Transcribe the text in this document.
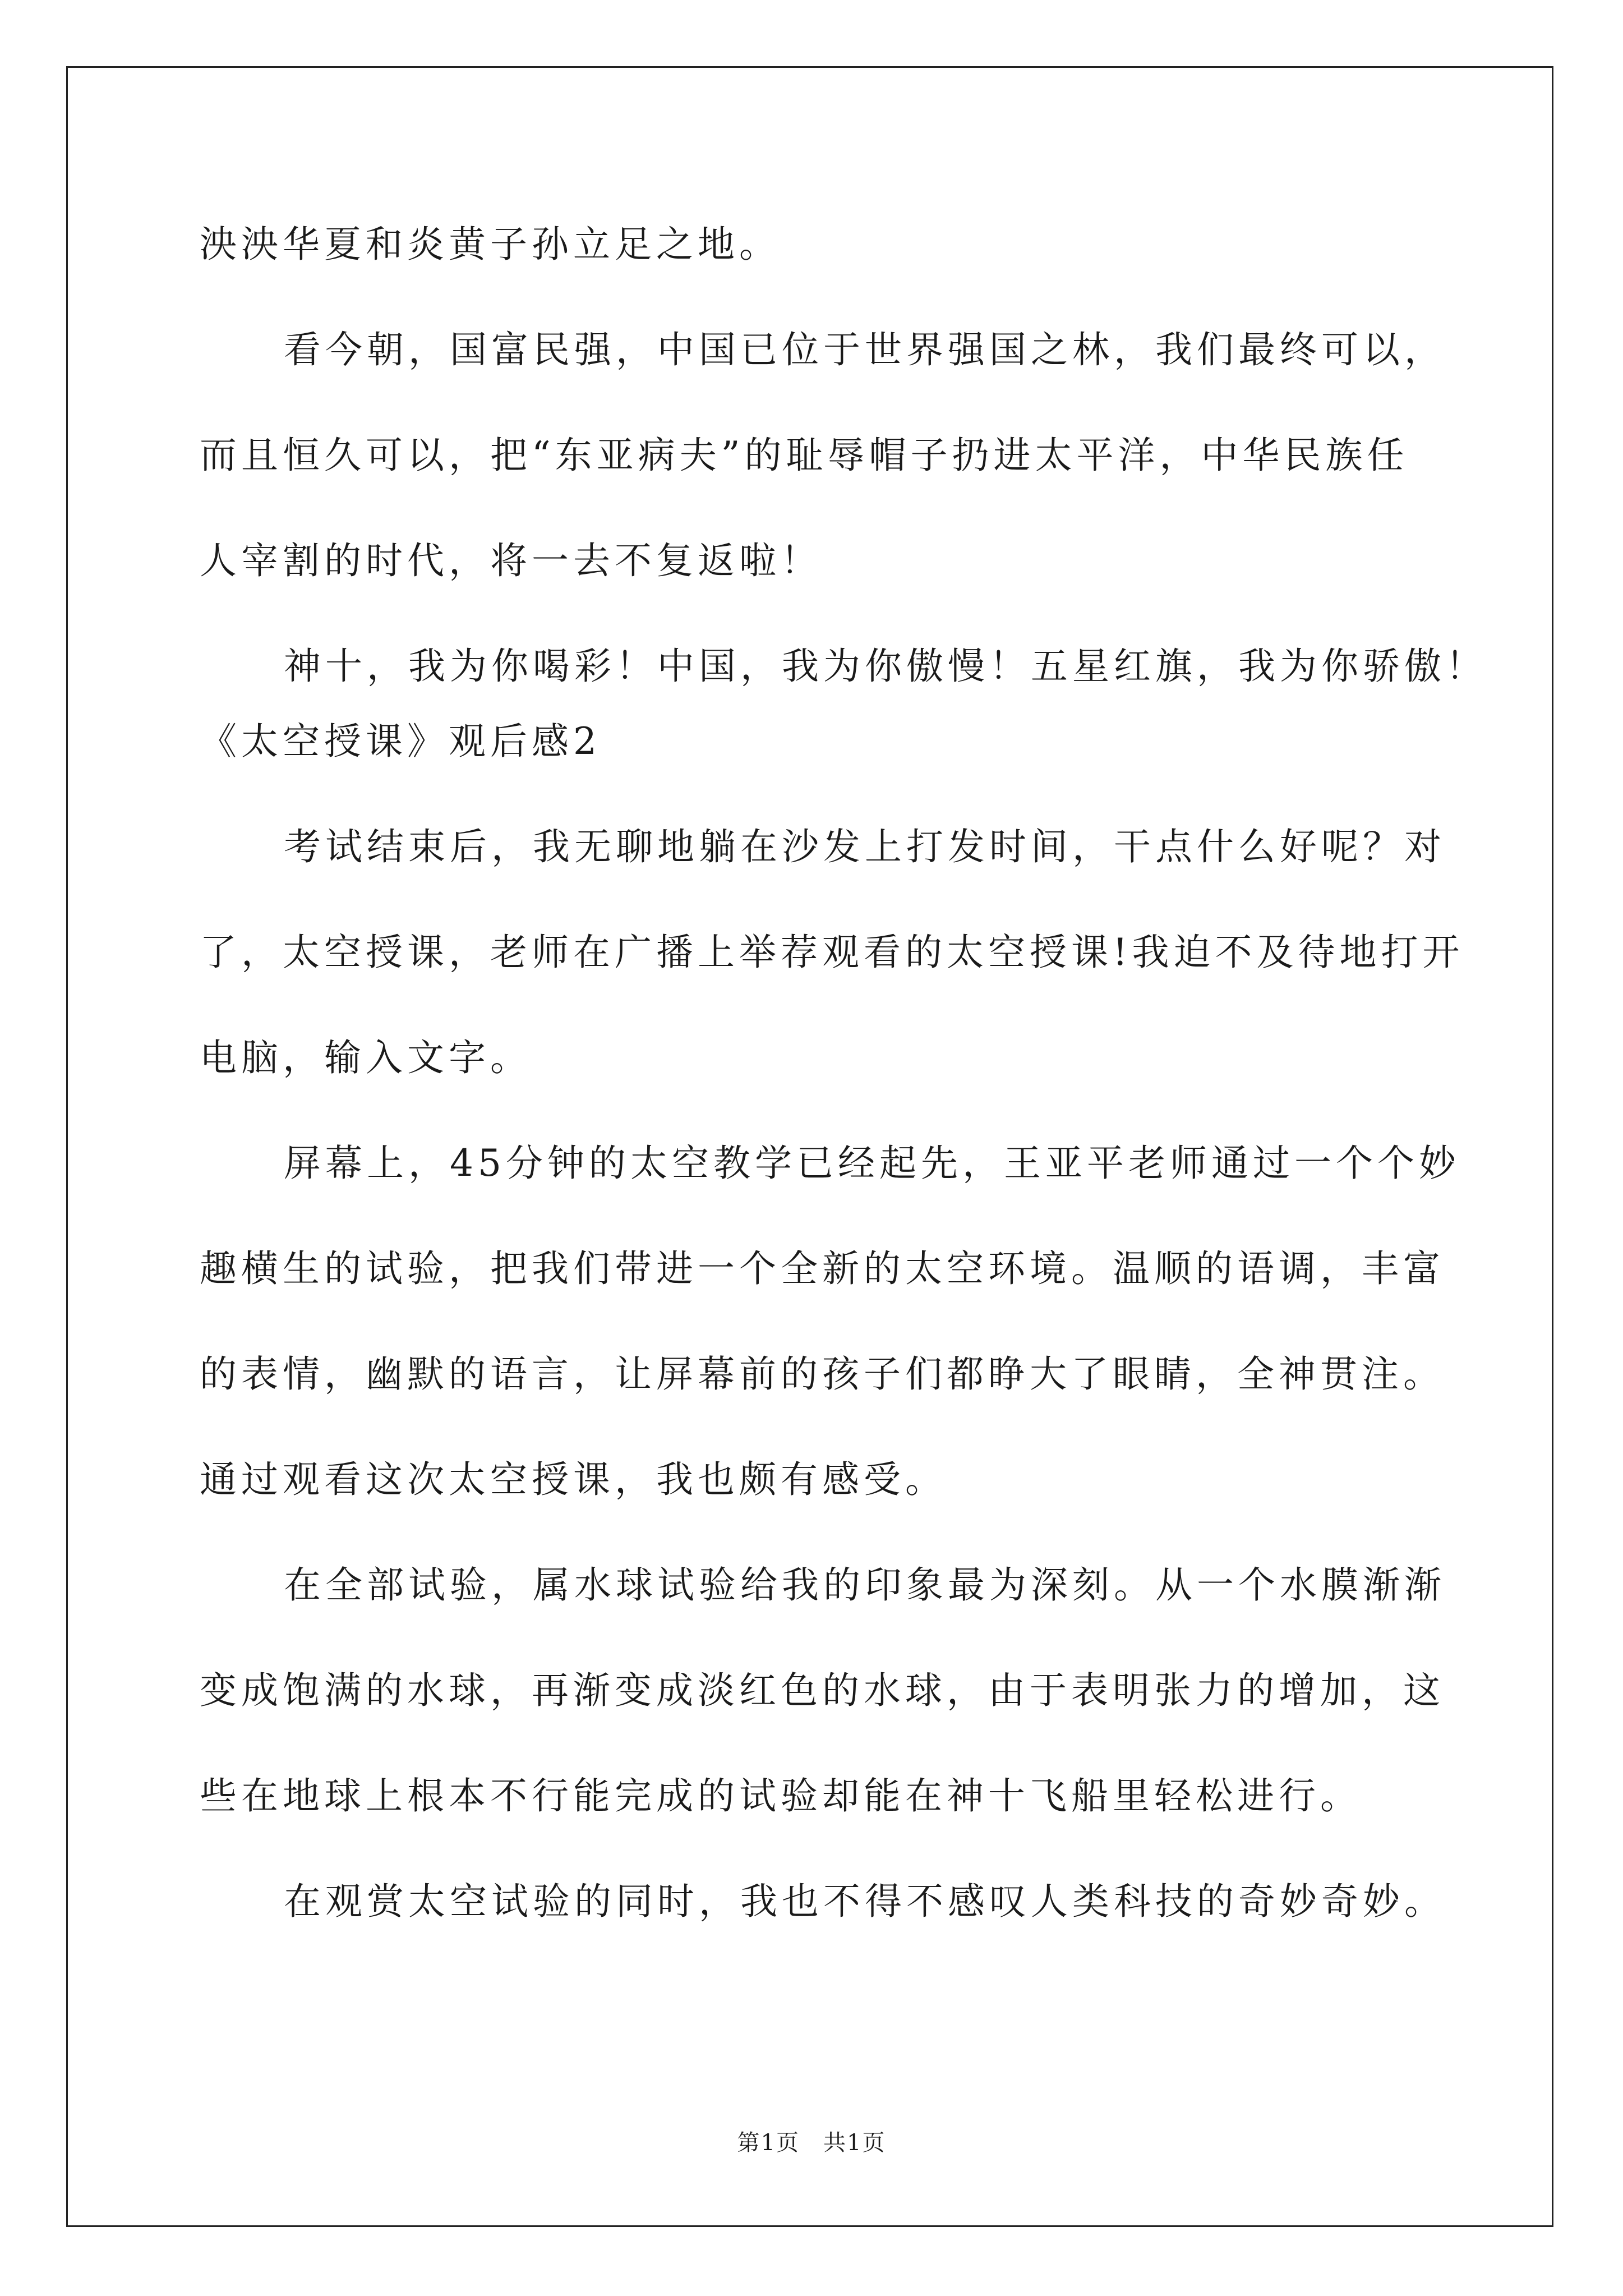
泱泱华夏和炎黄子孙立足之地。

看今朝，国富民强，中国已位于世界强国之林，我们最终可以，

而且恒久可以，把“东亚病夫”的耻辱帽子扔进太平洋，中华民族任

人宰割的时代，将一去不复返啦！

神十，我为你喝彩！中国，我为你傲慢！五星红旗，我为你骄傲！

《太空授课》观后感2

考试结束后，我无聊地躺在沙发上打发时间，干点什么好呢？对

了，太空授课，老师在广播上举荐观看的太空授课!我迫不及待地打开

电脑，输入文字。

屏幕上，45分钟的太空教学已经起先，王亚平老师通过一个个妙

趣横生的试验，把我们带进一个全新的太空环境。温顺的语调，丰富

的表情，幽默的语言，让屏幕前的孩子们都睁大了眼睛，全神贯注。

通过观看这次太空授课，我也颇有感受。

在全部试验，属水球试验给我的印象最为深刻。从一个水膜渐渐

变成饱满的水球，再渐变成淡红色的水球，由于表明张力的增加，这

些在地球上根本不行能完成的试验却能在神十飞船里轻松进行。

在观赏太空试验的同时，我也不得不感叹人类科技的奇妙奇妙。

第1页　共1页
